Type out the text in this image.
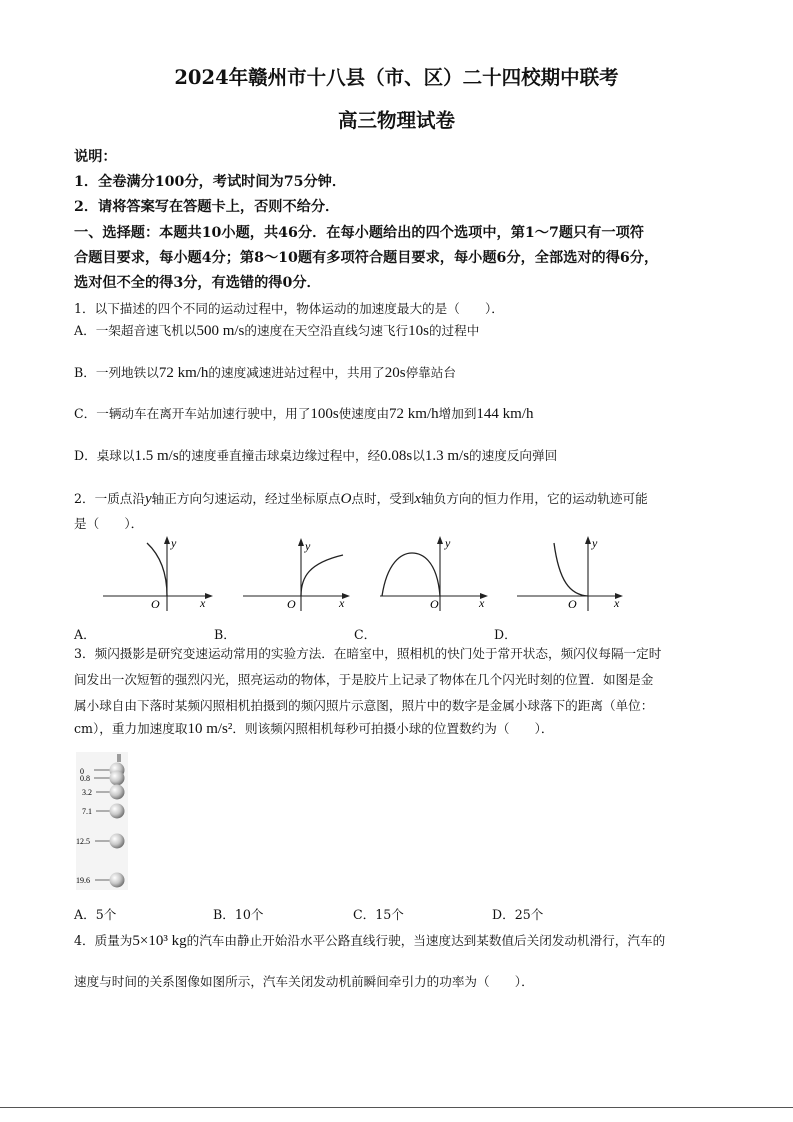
2024年赣州市十八县（市、区）二十四校期中联考
高三物理试卷
说明：
1．全卷满分100分，考试时间为75分钟．
2．请将答案写在答题卡上，否则不给分．
一、选择题：本题共10小题，共46分．在每小题给出的四个选项中，第1～7题只有一项符
合题目要求，每小题4分；第8～10题有多项符合题目要求，每小题6分，全部选对的得6分，
选对但不全的得3分，有选错的得0分．
1．以下描述的四个不同的运动过程中，物体运动的加速度最大的是（　　）．
A．一架超音速飞机以500 m/s的速度在天空沿直线匀速飞行10s的过程中
B．一列地铁以72 km/h的速度减速进站过程中，共用了20s停靠站台
C．一辆动车在离开车站加速行驶中，用了100s使速度由72 km/h增加到144 km/h
D．桌球以1.5 m/s的速度垂直撞击球桌边缘过程中，经0.08s以1.3 m/s的速度反向弹回
2．一质点沿y轴正方向匀速运动，经过坐标原点O点时，受到x轴负方向的恒力作用，它的运动轨迹可能
是（　　）．
y
x
O
y
x
O
y
x
O
y
x
O
A．	B．	C．	D．
3．频闪摄影是研究变速运动常用的实验方法．在暗室中，照相机的快门处于常开状态，频闪仪每隔一定时
间发出一次短暂的强烈闪光，照亮运动的物体，于是胶片上记录了物体在几个闪光时刻的位置．如图是金
属小球自由下落时某频闪照相机拍摄到的频闪照片示意图，照片中的数字是金属小球落下的距离（单位：
cm），重力加速度取10 m/s²．则该频闪照相机每秒可拍摄小球的位置数约为（　　）．
0
0.8
3.2
7.1
12.5
19.6
A．5个	B．10个	C．15个	D．25个
4．质量为5×10³ kg的汽车由静止开始沿水平公路直线行驶，当速度达到某数值后关闭发动机滑行，汽车的
速度与时间的关系图像如图所示，汽车关闭发动机前瞬间牵引力的功率为（　　）．
